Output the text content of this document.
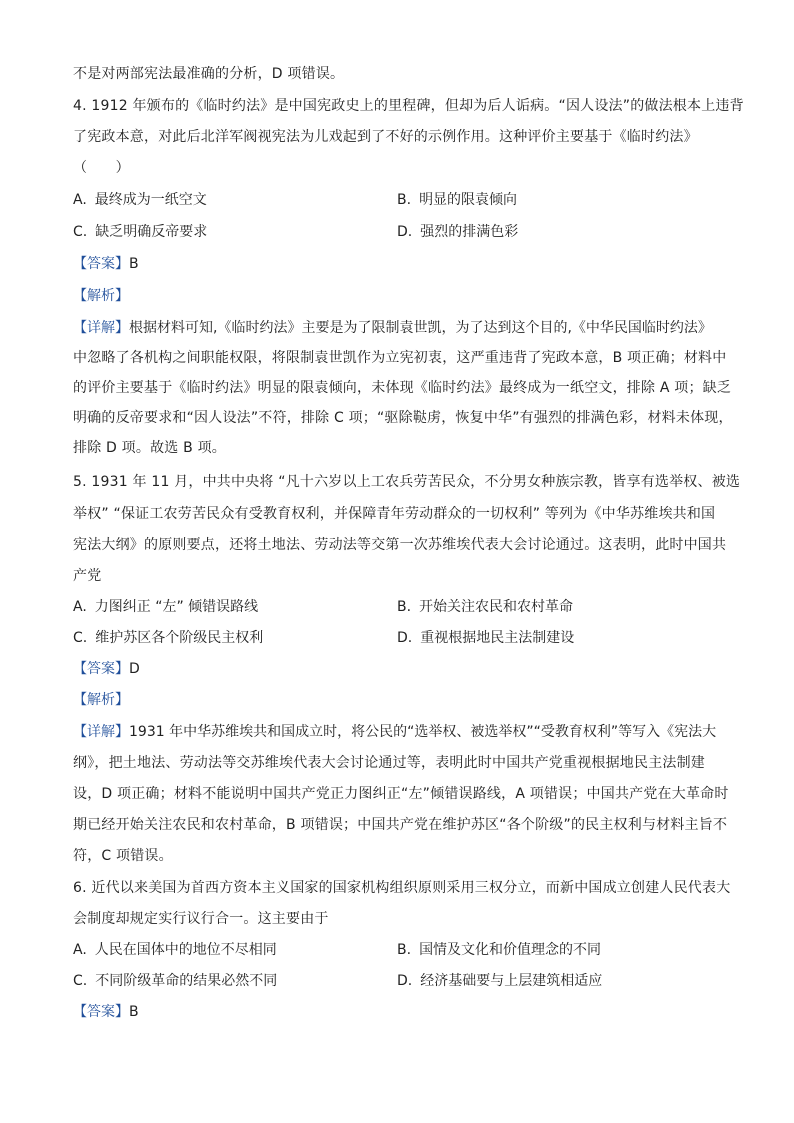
不是对两部宪法最准确的分析，D 项错误。
4. 1912 年颁布的《临时约法》是中国宪政史上的里程碑，但却为后人诟病。“因人设法”的做法根本上违背
了宪政本意，对此后北洋军阀视宪法为儿戏起到了不好的示例作用。这种评价主要基于《临时约法》
（　　）
A. 最终成为一纸空文	B. 明显的限袁倾向
C. 缺乏明确反帝要求	D. 强烈的排满色彩
【答案】B
【解析】
【详解】根据材料可知,《临时约法》主要是为了限制袁世凯，为了达到这个目的,《中华民国临时约法》
中忽略了各机构之间职能权限，将限制袁世凯作为立宪初衷，这严重违背了宪政本意，B 项正确；材料中
的评价主要基于《临时约法》明显的限袁倾向，未体现《临时约法》最终成为一纸空文，排除 A 项；缺乏
明确的反帝要求和“因人设法”不符，排除 C 项；“驱除鞑虏，恢复中华”有强烈的排满色彩，材料未体现，
排除 D 项。故选 B 项。
5. 1931 年 11 月，中共中央将 “凡十六岁以上工农兵劳苦民众，不分男女种族宗教，皆享有选举权、被选
举权” “保证工农劳苦民众有受教育权利，并保障青年劳动群众的一切权利” 等列为《中华苏维埃共和国
宪法大纲》的原则要点，还将土地法、劳动法等交第一次苏维埃代表大会讨论通过。这表明，此时中国共
产党
A. 力图纠正 “左” 倾错误路线	B. 开始关注农民和农村革命
C. 维护苏区各个阶级民主权利	D. 重视根据地民主法制建设
【答案】D
【解析】
【详解】1931 年中华苏维埃共和国成立时，将公民的“选举权、被选举权”“受教育权利”等写入《宪法大
纲》，把土地法、劳动法等交苏维埃代表大会讨论通过等，表明此时中国共产党重视根据地民主法制建
设，D 项正确；材料不能说明中国共产党正力图纠正“左”倾错误路线，A 项错误；中国共产党在大革命时
期已经开始关注农民和农村革命，B 项错误；中国共产党在维护苏区“各个阶级”的民主权利与材料主旨不
符，C 项错误。
6. 近代以来美国为首西方资本主义国家的国家机构组织原则采用三权分立，而新中国成立创建人民代表大
会制度却规定实行议行合一。这主要由于
A. 人民在国体中的地位不尽相同	B. 国情及文化和价值理念的不同
C. 不同阶级革命的结果必然不同	D. 经济基础要与上层建筑相适应
【答案】B
